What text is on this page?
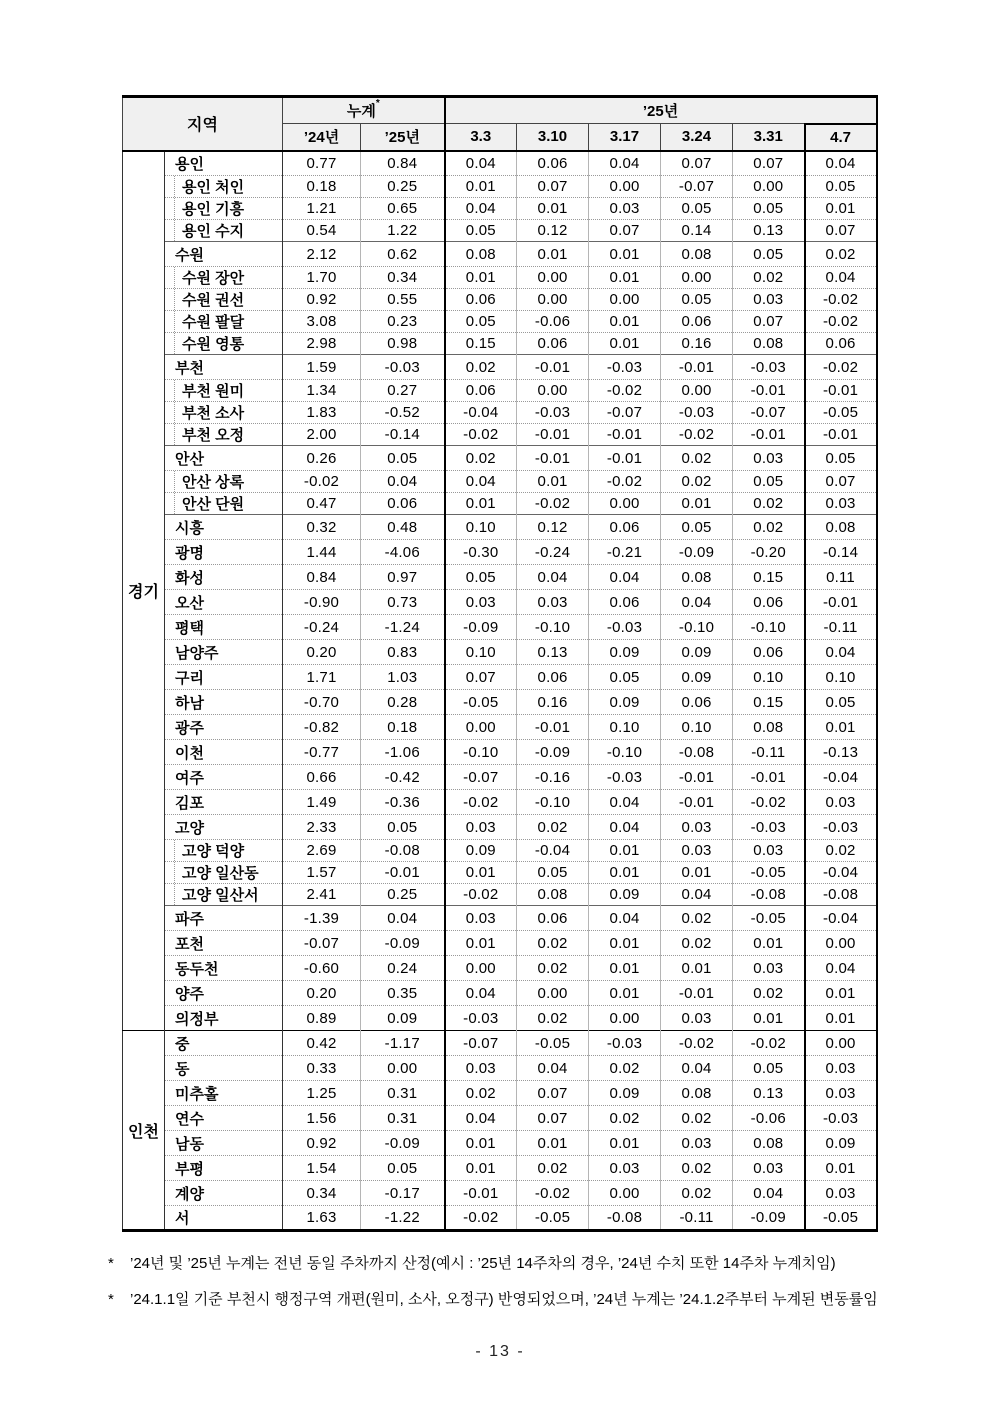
지역		누계*		’25년					
		’24년	’25년	3.3	3.10	3.17	3.24	3.31	4.7
경기	용인	0.77	0.84	0.04	0.06	0.04	0.07	0.07	0.04

	용인 처인	0.18	0.25	0.01	0.07	0.00	-0.07	0.00	0.05

	용인 기흥	1.21	0.65	0.04	0.01	0.03	0.05	0.05	0.01

	용인 수지	0.54	1.22	0.05	0.12	0.07	0.14	0.13	0.07

	수원	2.12	0.62	0.08	0.01	0.01	0.08	0.05	0.02

	수원 장안	1.70	0.34	0.01	0.00	0.01	0.00	0.02	0.04

	수원 권선	0.92	0.55	0.06	0.00	0.00	0.05	0.03	-0.02

	수원 팔달	3.08	0.23	0.05	-0.06	0.01	0.06	0.07	-0.02

	수원 영통	2.98	0.98	0.15	0.06	0.01	0.16	0.08	0.06

	부천	1.59	-0.03	0.02	-0.01	-0.03	-0.01	-0.03	-0.02

	부천 원미	1.34	0.27	0.06	0.00	-0.02	0.00	-0.01	-0.01

	부천 소사	1.83	-0.52	-0.04	-0.03	-0.07	-0.03	-0.07	-0.05

	부천 오정	2.00	-0.14	-0.02	-0.01	-0.01	-0.02	-0.01	-0.01

	안산	0.26	0.05	0.02	-0.01	-0.01	0.02	0.03	0.05

	안산 상록	-0.02	0.04	0.04	0.01	-0.02	0.02	0.05	0.07

	안산 단원	0.47	0.06	0.01	-0.02	0.00	0.01	0.02	0.03

	시흥	0.32	0.48	0.10	0.12	0.06	0.05	0.02	0.08

	광명	1.44	-4.06	-0.30	-0.24	-0.21	-0.09	-0.20	-0.14

	화성	0.84	0.97	0.05	0.04	0.04	0.08	0.15	0.11

	오산	-0.90	0.73	0.03	0.03	0.06	0.04	0.06	-0.01

	평택	-0.24	-1.24	-0.09	-0.10	-0.03	-0.10	-0.10	-0.11

	남양주	0.20	0.83	0.10	0.13	0.09	0.09	0.06	0.04

	구리	1.71	1.03	0.07	0.06	0.05	0.09	0.10	0.10

	하남	-0.70	0.28	-0.05	0.16	0.09	0.06	0.15	0.05

	광주	-0.82	0.18	0.00	-0.01	0.10	0.10	0.08	0.01

	이천	-0.77	-1.06	-0.10	-0.09	-0.10	-0.08	-0.11	-0.13

	여주	0.66	-0.42	-0.07	-0.16	-0.03	-0.01	-0.01	-0.04

	김포	1.49	-0.36	-0.02	-0.10	0.04	-0.01	-0.02	0.03

	고양	2.33	0.05	0.03	0.02	0.04	0.03	-0.03	-0.03

	고양 덕양	2.69	-0.08	0.09	-0.04	0.01	0.03	0.03	0.02

	고양 일산동	1.57	-0.01	0.01	0.05	0.01	0.01	-0.05	-0.04

	고양 일산서	2.41	0.25	-0.02	0.08	0.09	0.04	-0.08	-0.08

	파주	-1.39	0.04	0.03	0.06	0.04	0.02	-0.05	-0.04

	포천	-0.07	-0.09	0.01	0.02	0.01	0.02	0.01	0.00

	동두천	-0.60	0.24	0.00	0.02	0.01	0.01	0.03	0.04

	양주	0.20	0.35	0.04	0.00	0.01	-0.01	0.02	0.01

	의정부	0.89	0.09	-0.03	0.02	0.00	0.03	0.01	0.01
인천	중	0.42	-1.17	-0.07	-0.05	-0.03	-0.02	-0.02	0.00

	동	0.33	0.00	0.03	0.04	0.02	0.04	0.05	0.03

	미추홀	1.25	0.31	0.02	0.07	0.09	0.08	0.13	0.03

	연수	1.56	0.31	0.04	0.07	0.02	0.02	-0.06	-0.03

	남동	0.92	-0.09	0.01	0.01	0.01	0.03	0.08	0.09

	부평	1.54	0.05	0.01	0.02	0.03	0.02	0.03	0.01

	계양	0.34	-0.17	-0.01	-0.02	0.00	0.02	0.04	0.03

	서	1.63	-1.22	-0.02	-0.05	-0.08	-0.11	-0.09	-0.05
* ’24년 및 ’25년 누계는 전년 동일 주차까지 산정(예시 : ’25년 14주차의 경우, ’24년 수치 또한 14주차 누계치임)
* ’24.1.1일 기준 부천시 행정구역 개편(원미, 소사, 오정구) 반영되었으며, ’24년 누계는 ’24.1.2주부터 누계된 변동률임
- 13 -
